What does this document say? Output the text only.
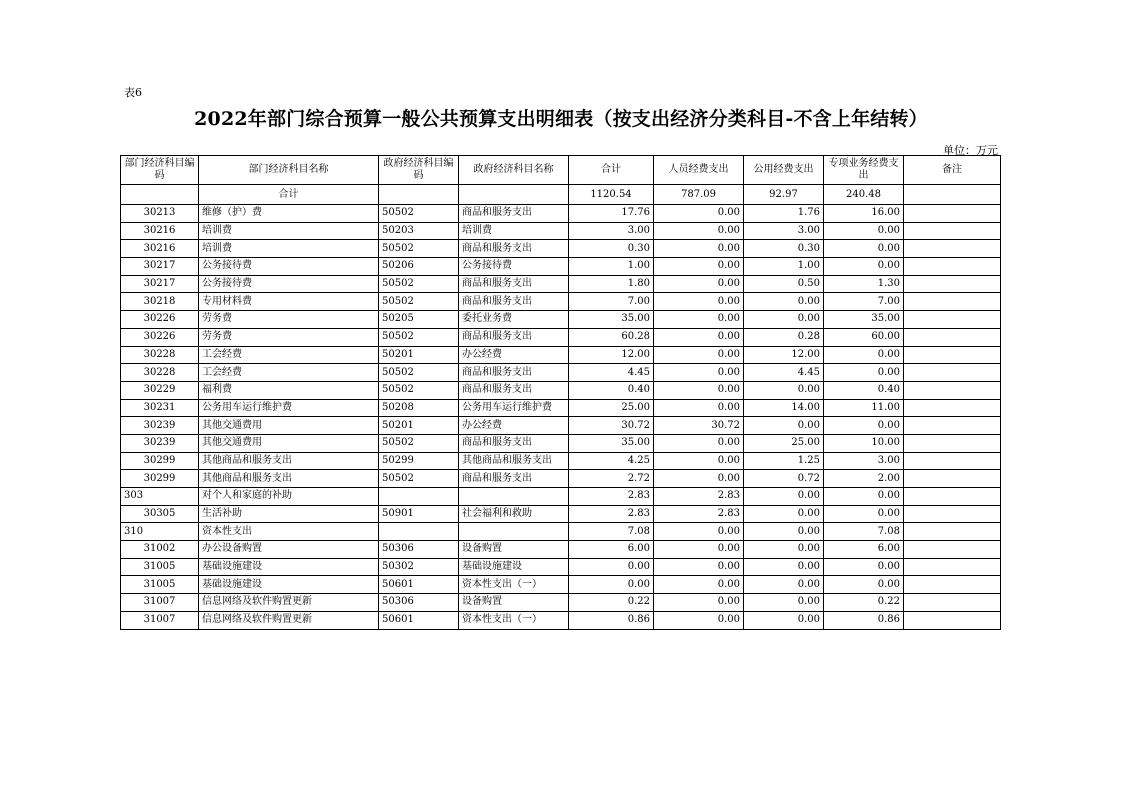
表6
2022年部门综合预算一般公共预算支出明细表（按支出经济分类科目-不含上年结转）
单位：万元
部门经济科目编码	部门经济科目名称	政府经济科目编码	政府经济科目名称	合计	人员经费支出	公用经费支出	专项业务经费支出	备注
	合计			1120.54	787.09	92.97	240.48	
30213	维修（护）费	50502	商品和服务支出	17.76	0.00	1.76	16.00	
30216	培训费	50203	培训费	3.00	0.00	3.00	0.00	
30216	培训费	50502	商品和服务支出	0.30	0.00	0.30	0.00	
30217	公务接待费	50206	公务接待费	1.00	0.00	1.00	0.00	
30217	公务接待费	50502	商品和服务支出	1.80	0.00	0.50	1.30	
30218	专用材料费	50502	商品和服务支出	7.00	0.00	0.00	7.00	
30226	劳务费	50205	委托业务费	35.00	0.00	0.00	35.00	
30226	劳务费	50502	商品和服务支出	60.28	0.00	0.28	60.00	
30228	工会经费	50201	办公经费	12.00	0.00	12.00	0.00	
30228	工会经费	50502	商品和服务支出	4.45	0.00	4.45	0.00	
30229	福利费	50502	商品和服务支出	0.40	0.00	0.00	0.40	
30231	公务用车运行维护费	50208	公务用车运行维护费	25.00	0.00	14.00	11.00	
30239	其他交通费用	50201	办公经费	30.72	30.72	0.00	0.00	
30239	其他交通费用	50502	商品和服务支出	35.00	0.00	25.00	10.00	
30299	其他商品和服务支出	50299	其他商品和服务支出	4.25	0.00	1.25	3.00	
30299	其他商品和服务支出	50502	商品和服务支出	2.72	0.00	0.72	2.00	
303	对个人和家庭的补助			2.83	2.83	0.00	0.00	
30305	生活补助	50901	社会福利和救助	2.83	2.83	0.00	0.00	
310	资本性支出			7.08	0.00	0.00	7.08	
31002	办公设备购置	50306	设备购置	6.00	0.00	0.00	6.00	
31005	基础设施建设	50302	基础设施建设	0.00	0.00	0.00	0.00	
31005	基础设施建设	50601	资本性支出（一）	0.00	0.00	0.00	0.00	
31007	信息网络及软件购置更新	50306	设备购置	0.22	0.00	0.00	0.22	
31007	信息网络及软件购置更新	50601	资本性支出（一）	0.86	0.00	0.00	0.86	
